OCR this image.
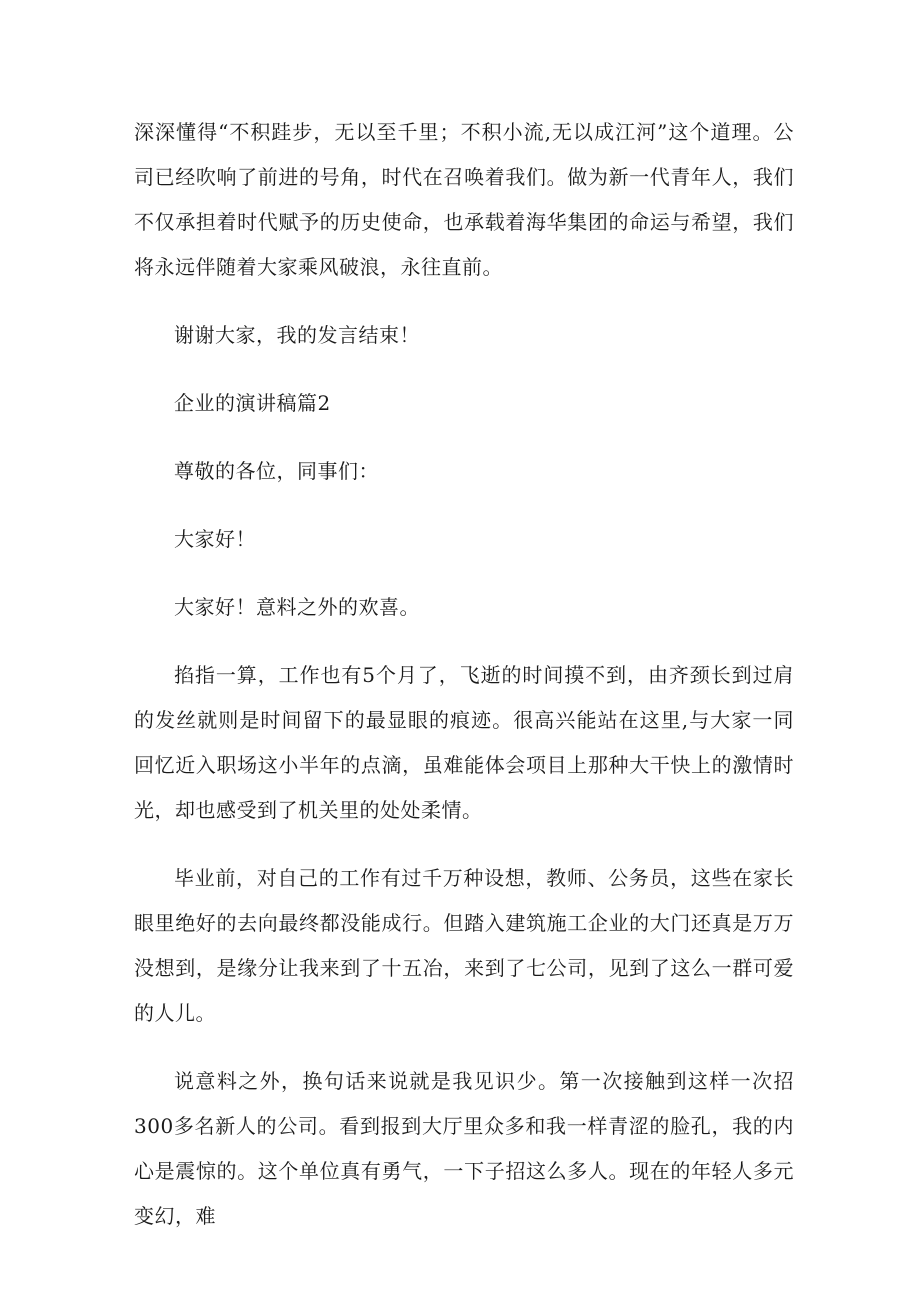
深深懂得“不积跬步，无以至千里；不积小流,无以成江河”这个道理。公司已经吹响了前进的号角，时代在召唤着我们。做为新一代青年人，我们不仅承担着时代赋予的历史使命，也承载着海华集团的命运与希望，我们将永远伴随着大家乘风破浪，永往直前。

谢谢大家，我的发言结束！

企业的演讲稿篇2

尊敬的各位，同事们：

大家好！

大家好！意料之外的欢喜。

掐指一算，工作也有5个月了，飞逝的时间摸不到，由齐颈长到过肩的发丝就则是时间留下的最显眼的痕迹。很高兴能站在这里,与大家一同回忆近入职场这小半年的点滴，虽难能体会项目上那种大干快上的激情时光，却也感受到了机关里的处处柔情。

毕业前，对自己的工作有过千万种设想，教师、公务员，这些在家长眼里绝好的去向最终都没能成行。但踏入建筑施工企业的大门还真是万万没想到，是缘分让我来到了十五冶，来到了七公司，见到了这么一群可爱的人儿。

说意料之外，换句话来说就是我见识少。第一次接触到这样一次招300多名新人的公司。看到报到大厅里众多和我一样青涩的脸孔，我的内心是震惊的。这个单位真有勇气，一下子招这么多人。现在的年轻人多元变幻，难
